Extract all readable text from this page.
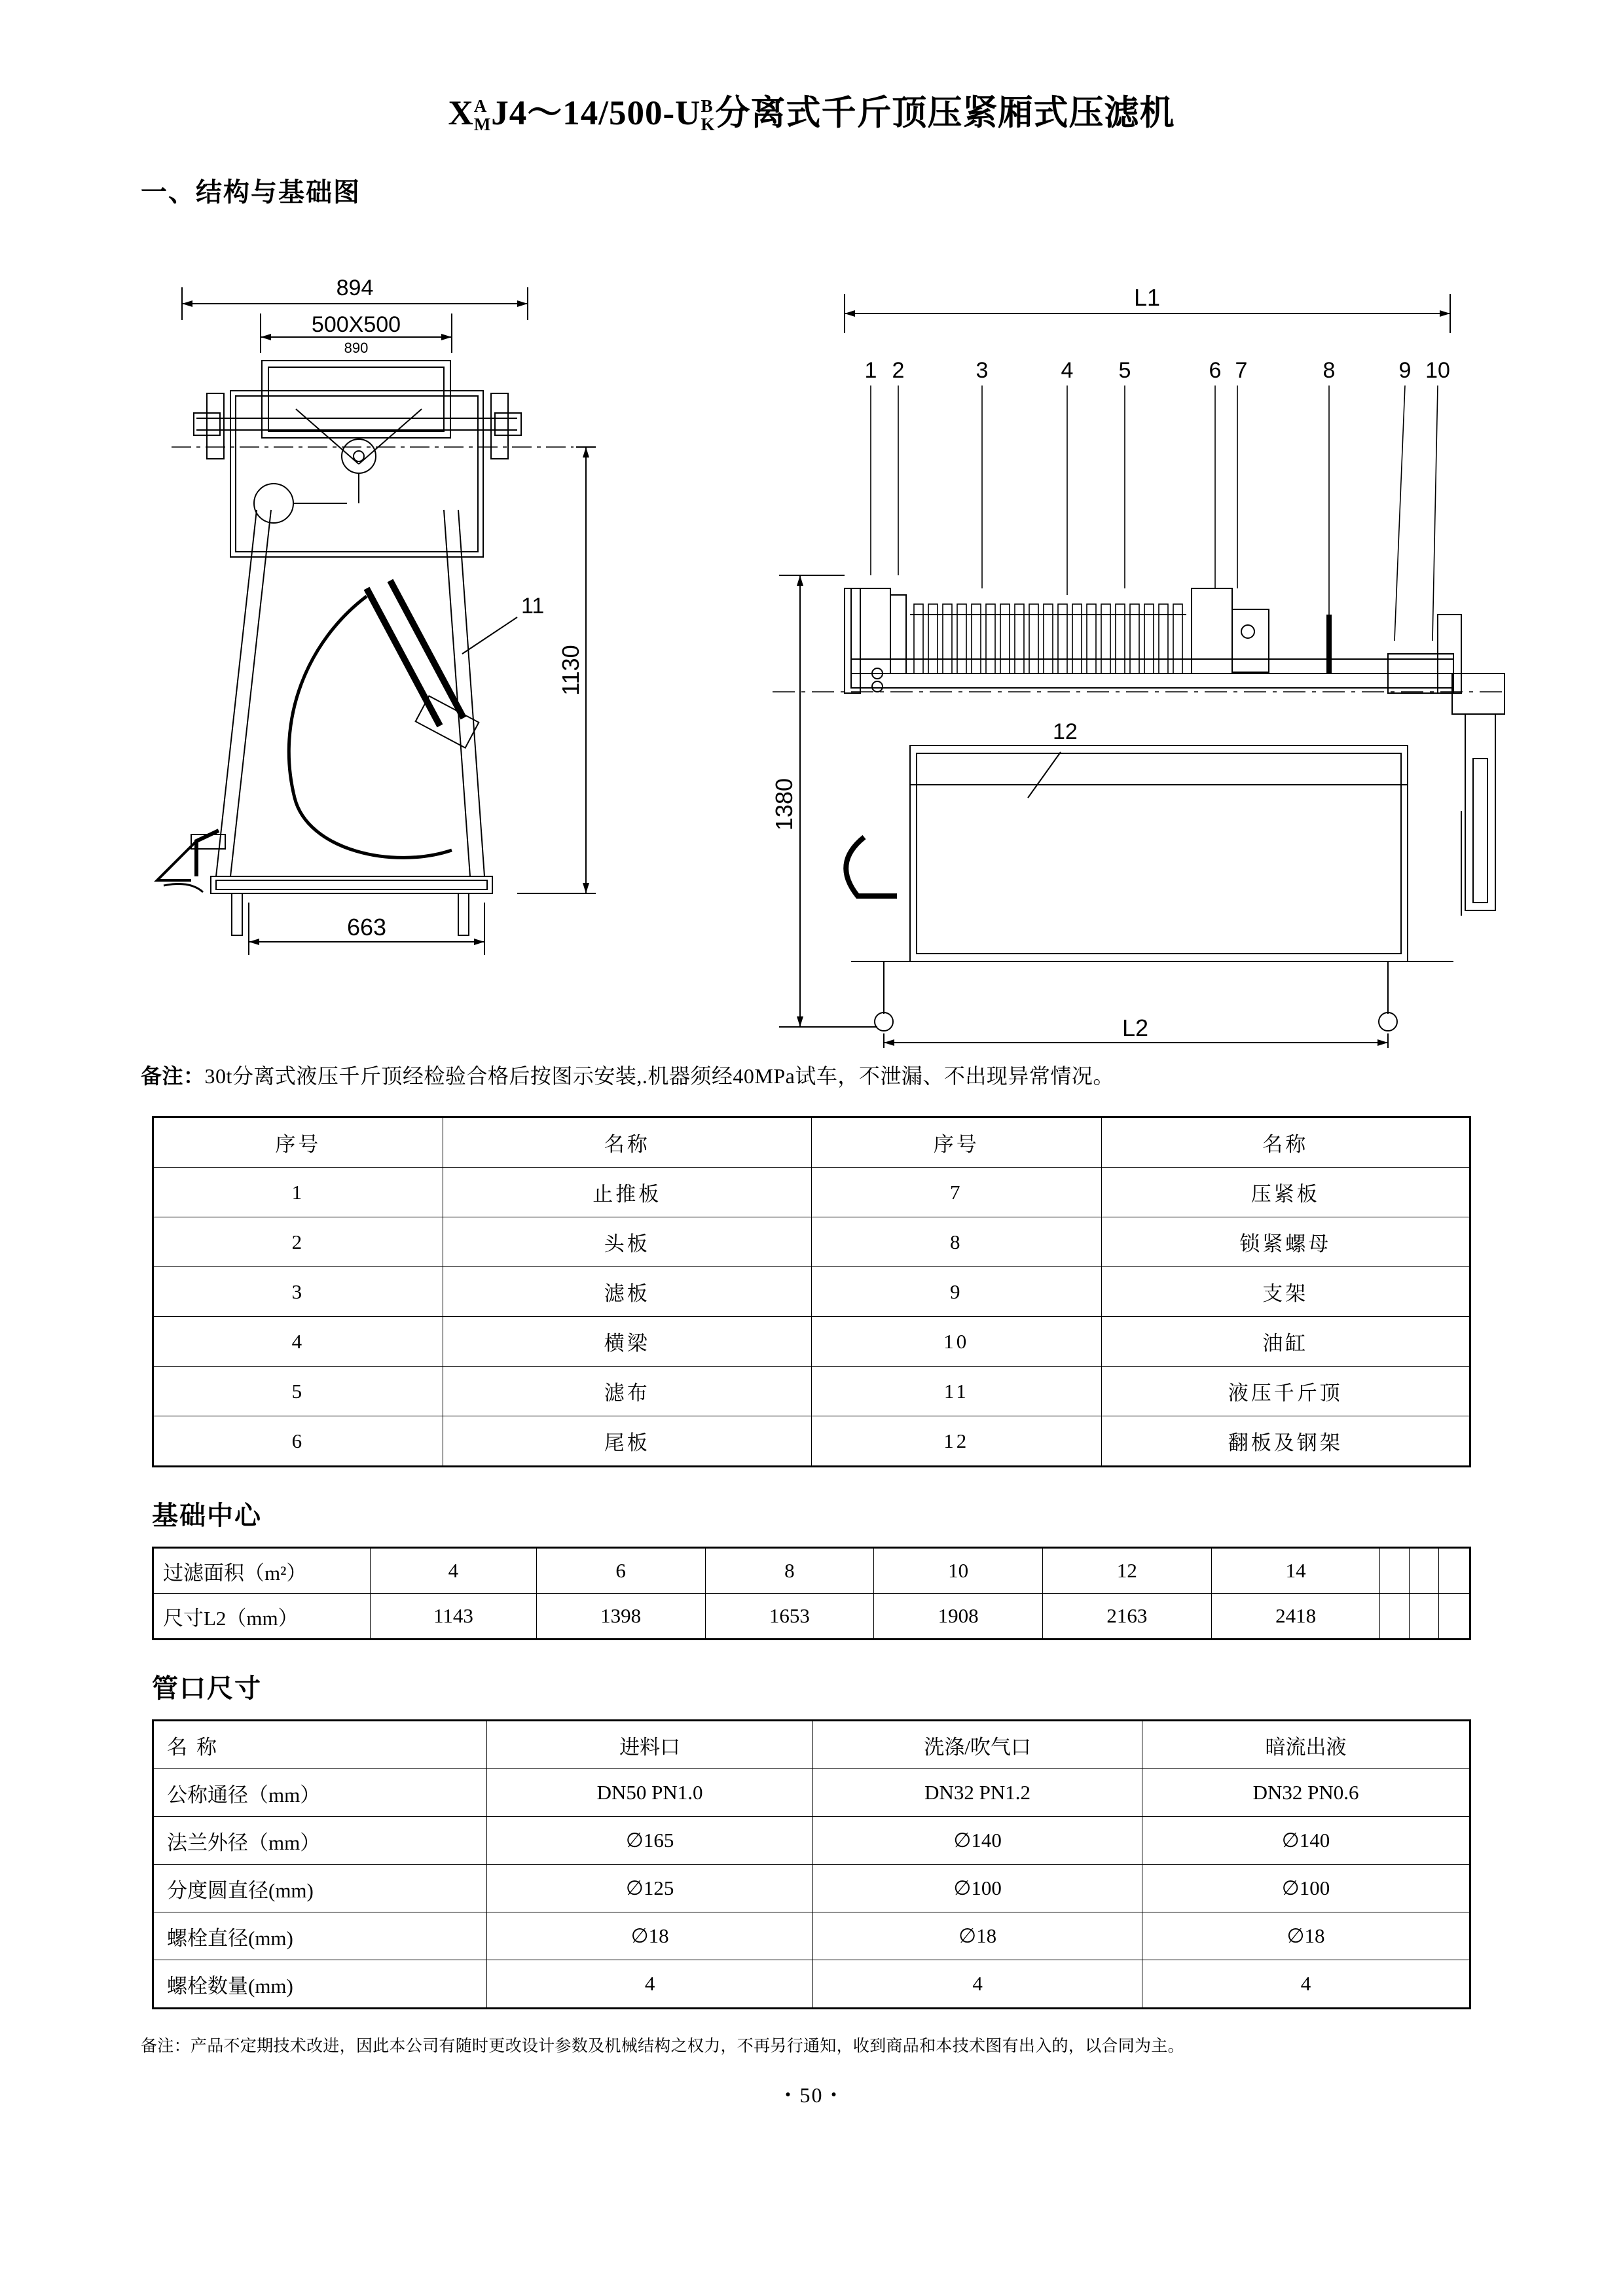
X A
M J4～14/500-U B
K 分离式千斤顶压紧厢式压滤机
一、结构与基础图
894
500X500
890
11
1130
663
L1
1 2	3	4 5	6 7	8	9 10
12
1380
L2
备注：30t分离式液压千斤顶经检验合格后按图示安装,.机器须经40MPa试车，不泄漏、不出现异常情况。
序号	名称	序号	名称
1	止推板	7	压紧板
2	头板	8	锁紧螺母
3	滤板	9	支架
4	横梁	10	油缸
5	滤布	11	液压千斤顶
6	尾板	12	翻板及钢架
基础中心
过滤面积（m²）	4	6	8	10	12	14			
尺寸L2（mm）	1143	1398	1653	1908	2163	2418			
管口尺寸
名称	进料口	洗涤/吹气口	暗流出液
公称通径（mm）	DN50 PN1.0	DN32 PN1.2	DN32 PN0.6
法兰外径（mm）	∅165	∅140	∅140
分度圆直径(mm)	∅125	∅100	∅100
螺栓直径(mm)	∅18	∅18	∅18
螺栓数量(mm)	4	4	4
备注：产品不定期技术改进，因此本公司有随时更改设计参数及机械结构之权力，不再另行通知，收到商品和本技术图有出入的，以合同为主。
・50・
